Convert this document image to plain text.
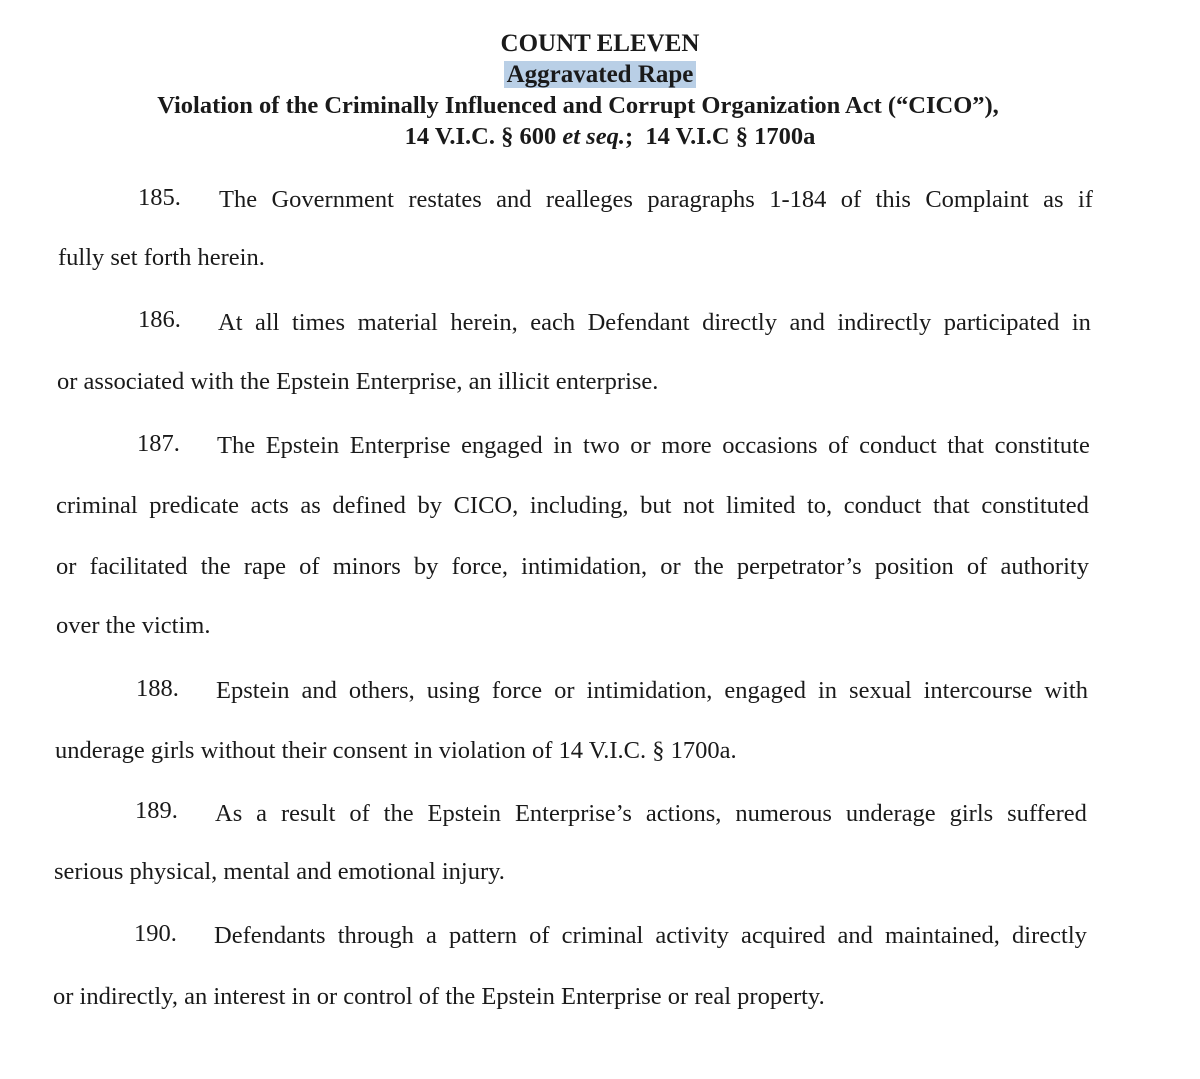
COUNT ELEVEN
Aggravated Rape
Violation of the Criminally Influenced and Corrupt Organization Act (“CICO”),
14 V.I.C. § 600 et seq.;  14 V.I.C § 1700a
185. The Government restates and realleges paragraphs 1-184 of this Complaint as if
fully set forth herein.
186. At all times material herein, each Defendant directly and indirectly participated in
or associated with the Epstein Enterprise, an illicit enterprise.
187. The Epstein Enterprise engaged in two or more occasions of conduct that constitute
criminal predicate acts as defined by CICO, including, but not limited to, conduct that constituted
or facilitated the rape of minors by force, intimidation, or the perpetrator’s position of authority
over the victim.
188. Epstein and others, using force or intimidation, engaged in sexual intercourse with
underage girls without their consent in violation of 14 V.I.C. § 1700a.
189. As a result of the Epstein Enterprise’s actions, numerous underage girls suffered
serious physical, mental and emotional injury.
190. Defendants through a pattern of criminal activity acquired and maintained, directly
or indirectly, an interest in or control of the Epstein Enterprise or real property.
